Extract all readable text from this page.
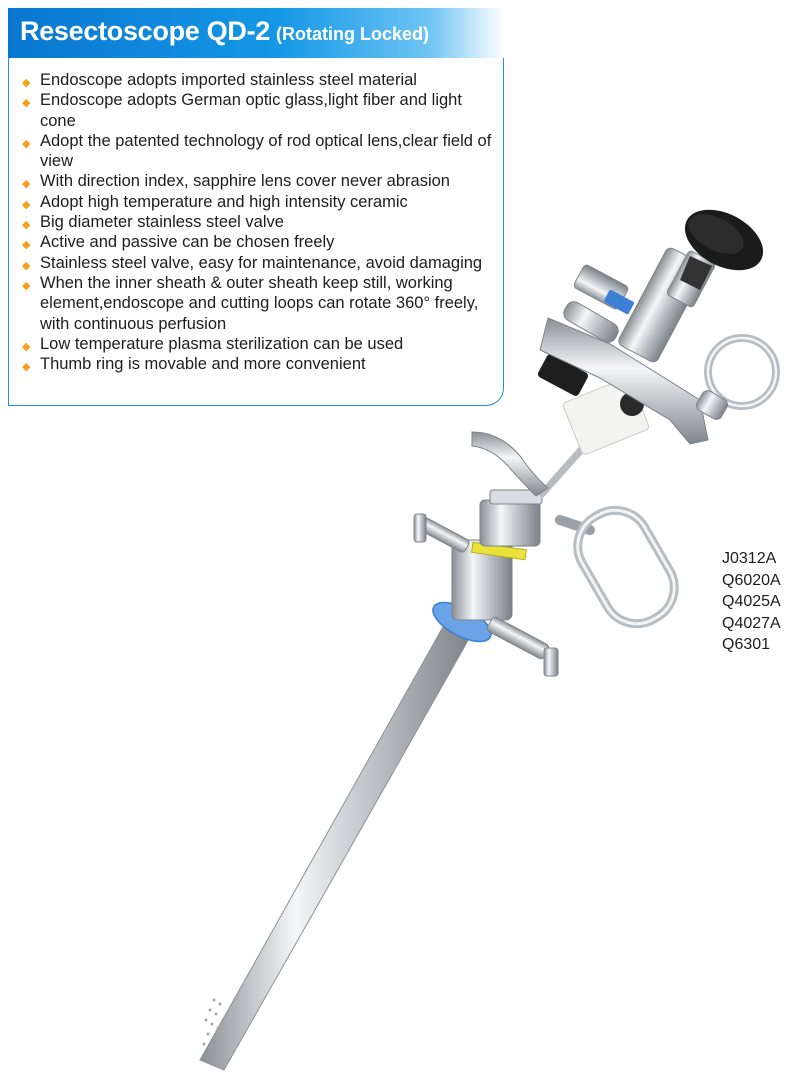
Resectoscope QD-2 (Rotating Locked)
◆ Endoscope adopts imported stainless steel material
◆ Endoscope adopts German optic glass,light fiber and light cone
◆ Adopt the patented technology of rod optical lens,clear field of view
◆ With direction index, sapphire lens cover never abrasion
◆ Adopt high temperature and high intensity ceramic
◆ Big diameter stainless steel valve
◆ Active and passive can be chosen freely
◆ Stainless steel valve, easy for maintenance, avoid damaging
◆ When the inner sheath & outer sheath keep still, working element,endoscope and cutting loops can rotate 360° freely, with continuous perfusion
◆ Low temperature plasma sterilization can be used
◆ Thumb ring is movable and more convenient
J0312A
Q6020A
Q4025A
Q4027A
Q6301
